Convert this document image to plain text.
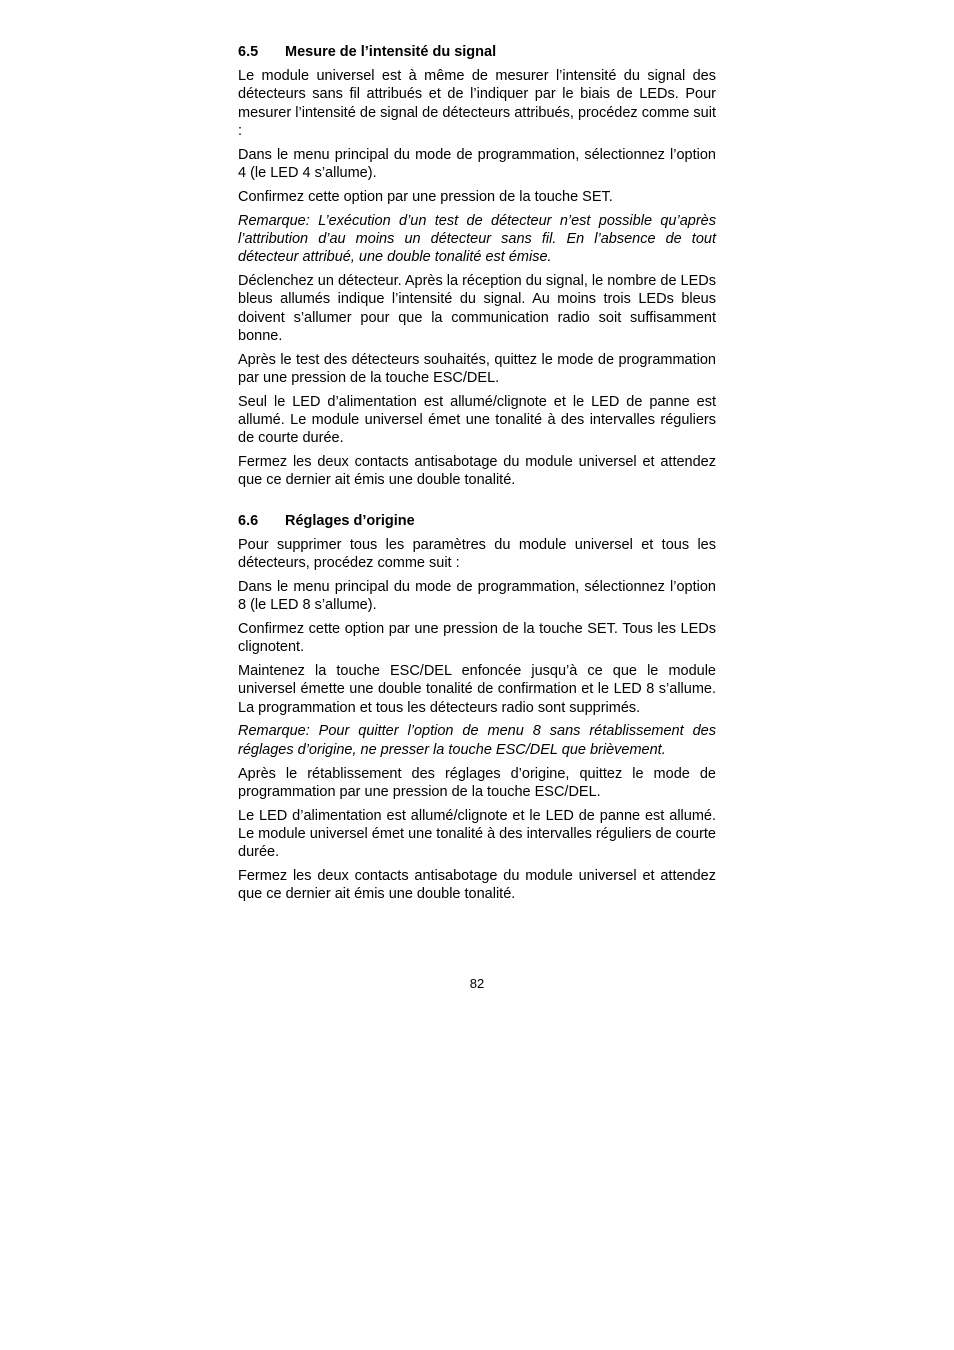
6.5	Mesure de l’intensité du signal

Le module universel est à même de mesurer l’intensité du signal des détecteurs sans fil attribués et de l’indiquer par le biais de LEDs. Pour mesurer l’intensité de signal de détecteurs attribués, procédez comme suit :

Dans le menu principal du mode de programmation, sélectionnez l’option 4 (le LED 4 s’allume).

Confirmez cette option par une pression de la touche SET.

Remarque: L’exécution d’un test de détecteur n’est possible qu’après l’attribution d’au moins un détecteur sans fil. En l’absence de tout détecteur attribué, une double tonalité est émise.

Déclenchez un détecteur. Après la réception du signal, le nombre de LEDs bleus allumés indique l’intensité du signal. Au moins trois LEDs bleus doivent s’allumer pour que la communication radio soit suffisamment bonne.

Après le test des détecteurs souhaités, quittez le mode de programmation par une pression de la touche ESC/DEL.

Seul le LED d’alimentation est allumé/clignote et le LED de panne est allumé. Le module universel émet une tonalité à des intervalles réguliers de courte durée.

Fermez les deux contacts antisabotage du module universel et attendez que ce dernier ait émis une double tonalité.

6.6	Réglages d’origine

Pour supprimer tous les paramètres du module universel et tous les détecteurs, procédez comme suit :

Dans le menu principal du mode de programmation, sélectionnez l’option 8 (le LED 8 s’allume).

Confirmez cette option par une pression de la touche SET. Tous les LEDs clignotent.

Maintenez la touche ESC/DEL enfoncée jusqu’à ce que le module universel émette une double tonalité de confirmation et le LED 8 s’allume. La programmation et tous les détecteurs radio sont supprimés.

Remarque: Pour quitter l’option de menu 8 sans rétablissement des réglages d’origine, ne presser la touche ESC/DEL que brièvement.

Après le rétablissement des réglages d’origine, quittez le mode de programmation par une pression de la touche ESC/DEL.

Le LED d’alimentation est allumé/clignote et le LED de panne est allumé. Le module universel émet une tonalité à des intervalles réguliers de courte durée.

Fermez les deux contacts antisabotage du module universel et attendez que ce dernier ait émis une double tonalité.

82
